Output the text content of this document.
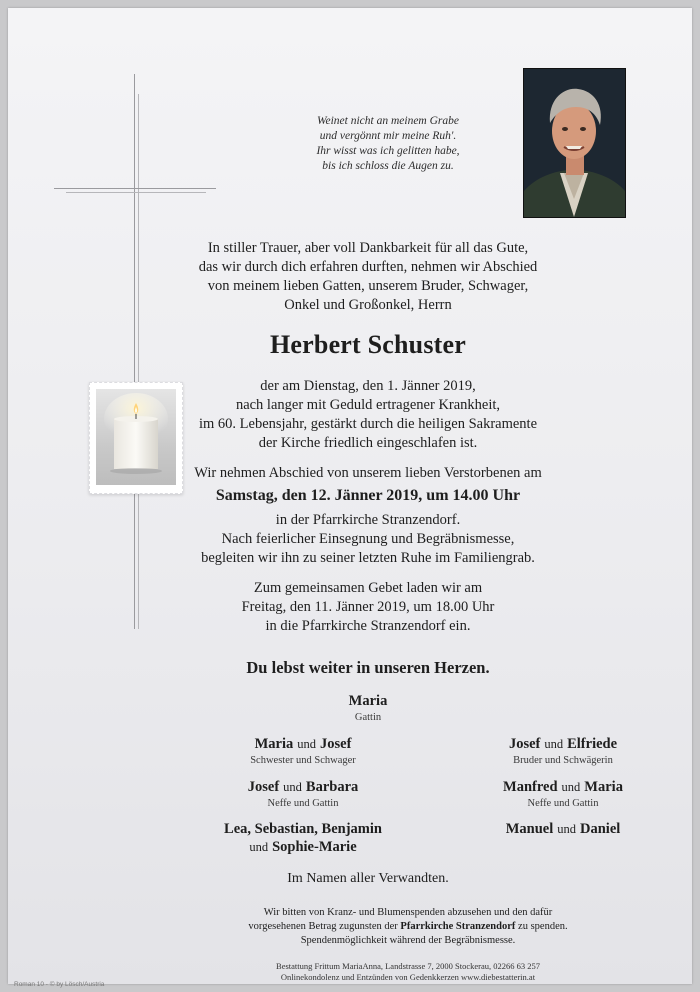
Weinet nicht an meinem Grabe
und vergönnt mir meine Ruh'.
Ihr wisst was ich gelitten habe,
bis ich schloss die Augen zu.
In stiller Trauer, aber voll Dankbarkeit für all das Gute,
das wir durch dich erfahren durften, nehmen wir Abschied
von meinem lieben Gatten, unserem Bruder, Schwager,
Onkel und Großonkel, Herrn
Herbert Schuster
der am Dienstag, den 1. Jänner 2019,
nach langer mit Geduld ertragener Krankheit,
im 60. Lebensjahr, gestärkt durch die heiligen Sakramente
der Kirche friedlich eingeschlafen ist.
Wir nehmen Abschied von unserem lieben Verstorbenen am
Samstag, den 12. Jänner 2019, um 14.00 Uhr
in der Pfarrkirche Stranzendorf.
Nach feierlicher Einsegnung und Begräbnismesse,
begleiten wir ihn zu seiner letzten Ruhe im Familiengrab.
Zum gemeinsamen Gebet laden wir am
Freitag, den 11. Jänner 2019, um 18.00 Uhr
in die Pfarrkirche Stranzendorf ein.
Du lebst weiter in unseren Herzen.
Maria
Gattin
Maria und Josef
Schwester und Schwager
Josef und Elfriede
Bruder und Schwägerin
Josef und Barbara
Neffe und Gattin
Manfred und Maria
Neffe und Gattin
Lea, Sebastian, Benjamin
und Sophie-Marie
Manuel und Daniel
Im Namen aller Verwandten.
Wir bitten von Kranz- und Blumenspenden abzusehen und den dafür
vorgesehenen Betrag zugunsten der Pfarrkirche Stranzendorf zu spenden.
Spendenmöglichkeit während der Begräbnismesse.
Bestattung Frittum MariaAnna, Landstrasse 7, 2000 Stockerau, 02266 63 257
Onlinekondolenz und Entzünden von Gedenkkerzen www.diebestatterin.at
Roman 10 - © by Lösch/Austria
